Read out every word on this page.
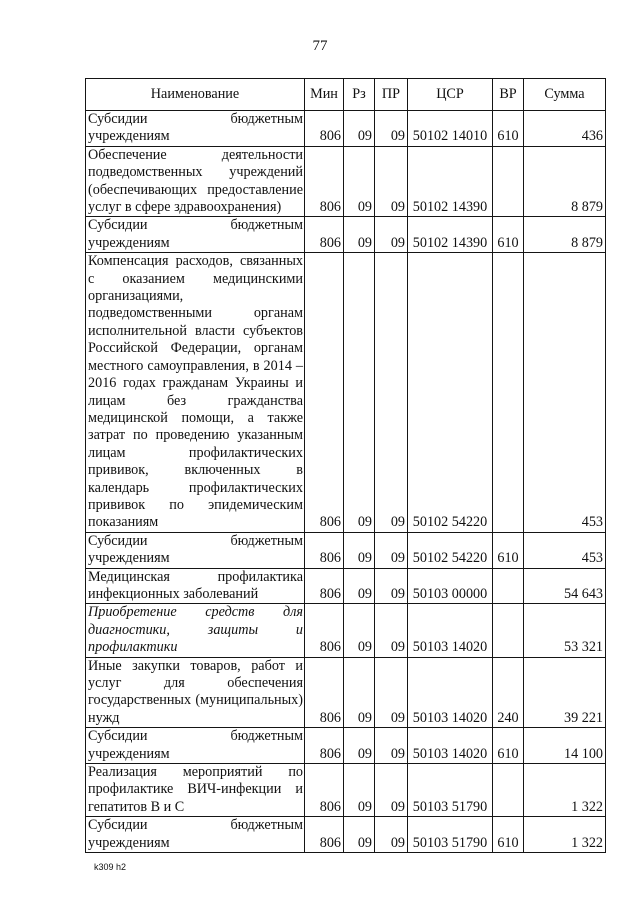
77
Наименование	Мин	Рз	ПР	ЦСР	ВР	Сумма

Субсидии бюджетным учреждениям	806	09	09	50102 14010	610	436

Обеспечение деятельности подведомственных учреждений (обеспечивающих предоставление услуг в сфере здравоохранения)	806	09	09	50102 14390		8 879

Субсидии бюджетным учреждениям	806	09	09	50102 14390	610	8 879

Компенсация расходов, связанных с оказанием медицинскими организациями, подведомственными органам исполнительной власти субъектов Российской Федерации, органам местного самоуправления, в 2014 – 2016 годах гражданам Украины и лицам без гражданства медицинской помощи, а также затрат по проведению указанным лицам профилактических прививок, включенных в календарь профилактических прививок по эпидемическим показаниям	806	09	09	50102 54220		453

Субсидии бюджетным учреждениям	806	09	09	50102 54220	610	453

Медицинская профилактика инфекционных заболеваний	806	09	09	50103 00000		54 643

Приобретение средств для диагностики, защиты и профилактики	806	09	09	50103 14020		53 321

Иные закупки товаров, работ и услуг для обеспечения государственных (муниципальных) нужд	806	09	09	50103 14020	240	39 221

Субсидии бюджетным учреждениям	806	09	09	50103 14020	610	14 100

Реализация мероприятий по профилактике ВИЧ-инфекции и гепатитов В и С	806	09	09	50103 51790		1 322

Субсидии бюджетным учреждениям	806	09	09	50103 51790	610	1 322
k309 h2
